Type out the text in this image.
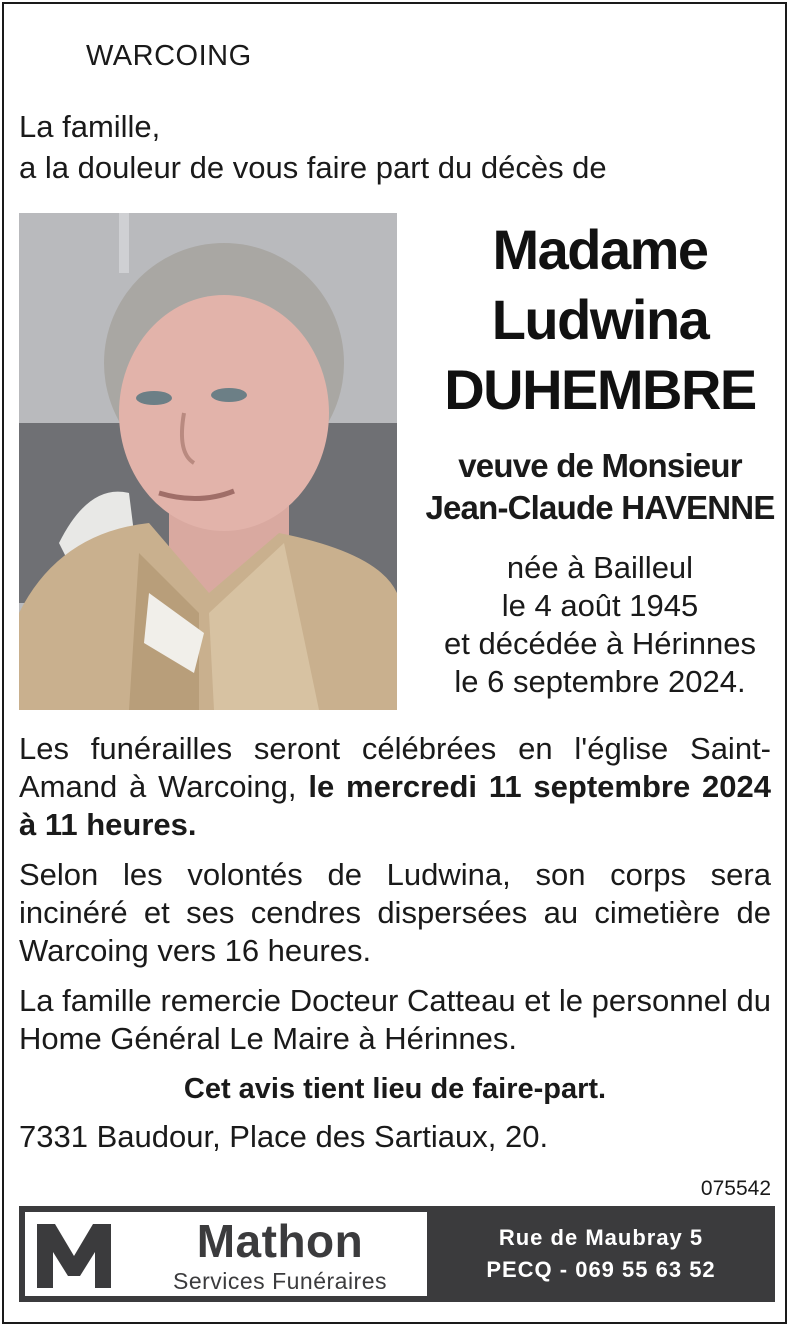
WARCOING
La famille,
a la douleur de vous faire part du décès de
Madame
Ludwina
DUHEMBRE
veuve de Monsieur
Jean-Claude HAVENNE
née à Bailleul
le 4 août 1945
et décédée à Hérinnes
le 6 septembre 2024.

Les funérailles seront célébrées en l'église Saint-Amand à Warcoing, le mercredi 11 septembre 2024 à 11 heures.

Selon les volontés de Ludwina, son corps sera incinéré et ses cendres dispersées au cimetière de Warcoing vers 16 heures.

La famille remercie Docteur Catteau et le personnel du Home Général Le Maire à Hérinnes.

Cet avis tient lieu de faire-part.
7331 Baudour, Place des Sartiaux, 20.
075542
Mathon
Services Funéraires
Rue de Maubray 5
PECQ - 069 55 63 52
